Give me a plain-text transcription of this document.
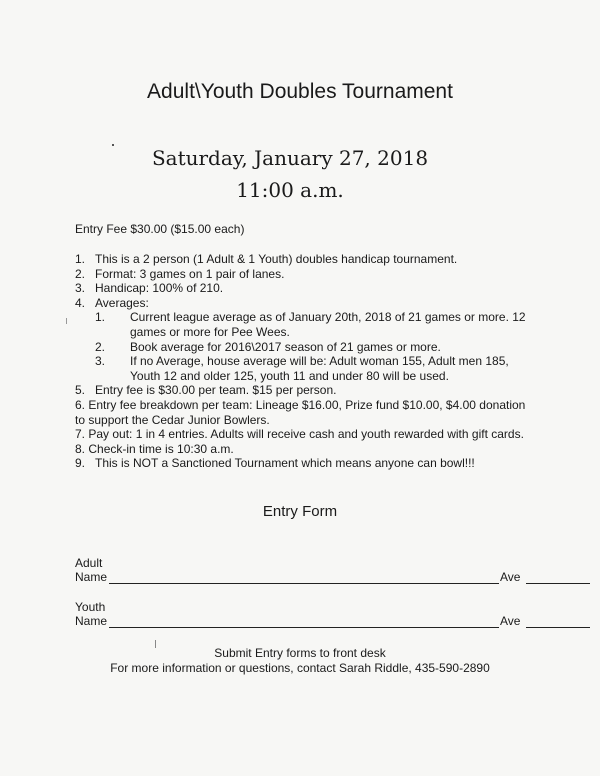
Adult\Youth Doubles Tournament
Saturday, January 27, 2018
11:00 a.m.
Entry Fee $30.00 ($15.00 each)
1. This is a 2 person (1 Adult & 1 Youth) doubles handicap tournament.
2. Format: 3 games on 1 pair of lanes.
3. Handicap: 100% of 210.
4. Averages:
1. Current league average as of January 20th, 2018 of 21 games or more. 12 games or more for Pee Wees.
2. Book average for 2016\2017 season of 21 games or more.
3. If no Average, house average will be: Adult woman 155, Adult men 185, Youth 12 and older 125, youth 11 and under 80 will be used.
5. Entry fee is $30.00 per team. $15 per person.
6. Entry fee breakdown per team: Lineage $16.00, Prize fund $10.00, $4.00 donation to support the Cedar Junior Bowlers.
7. Pay out: 1 in 4 entries. Adults will receive cash and youth rewarded with gift cards.
8. Check-in time is 10:30 a.m.
9. This is NOT a Sanctioned Tournament which means anyone can bowl!!!
Entry Form
Adult
Name	Ave
Youth
Name	Ave
Submit Entry forms to front desk
For more information or questions, contact Sarah Riddle, 435-590-2890
